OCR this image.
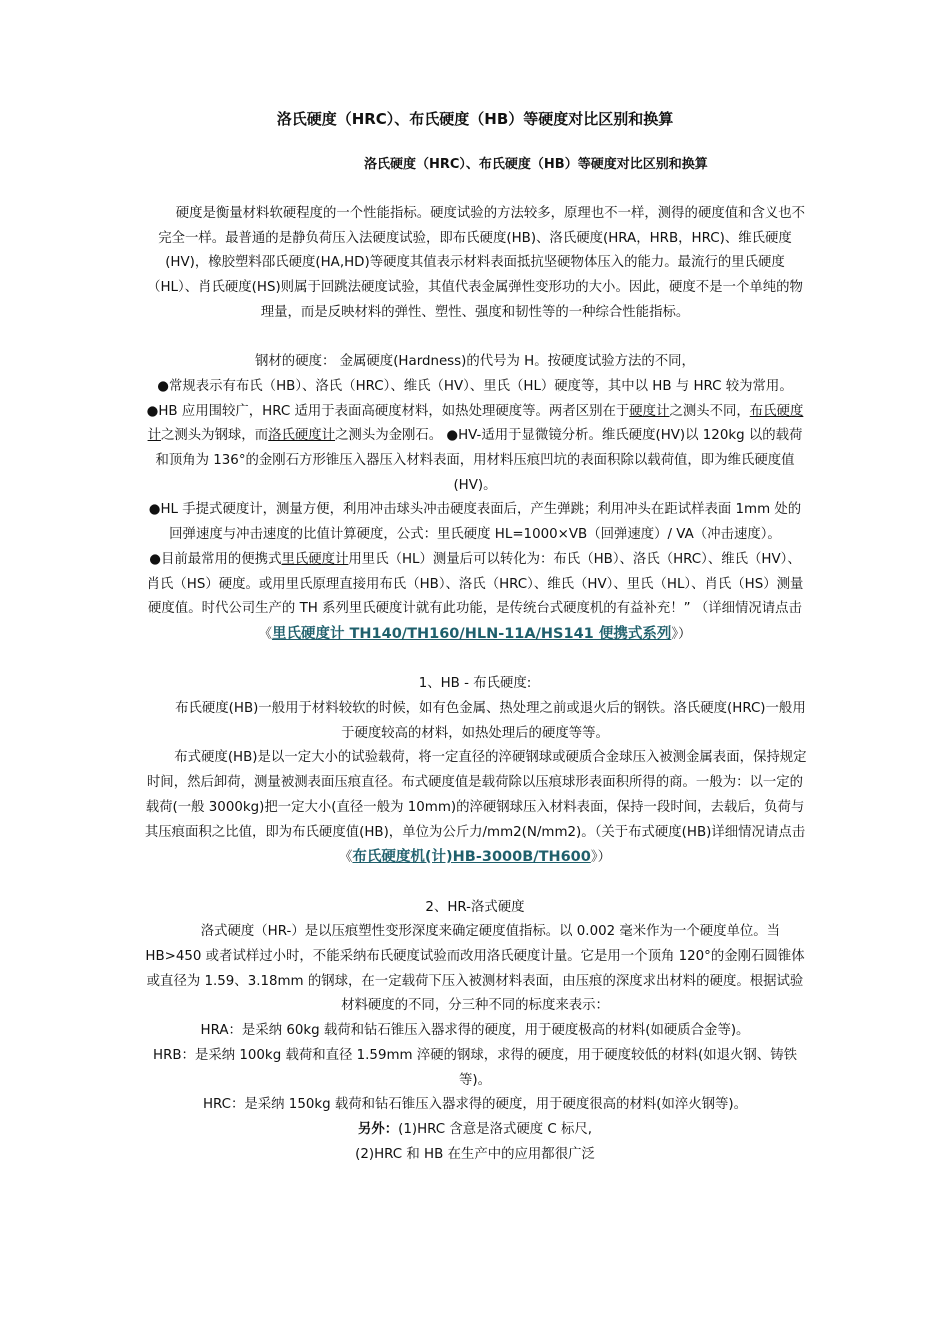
洛氏硬度（HRC）、布氏硬度（HB）等硬度对比区别和换算
洛氏硬度（HRC）、布氏硬度（HB）等硬度对比区别和换算

硬度是衡量材料软硬程度的一个性能指标。硬度试验的方法较多，原理也不一样，测得的硬度值和含义也不完全一样。最普通的是静负荷压入法硬度试验，即布氏硬度(HB)、洛氏硬度(HRA，HRB，HRC)、维氏硬度(HV)，橡胶塑料邵氏硬度(HA,HD)等硬度其值表示材料表面抵抗坚硬物体压入的能力。最流行的里氏硬度（HL）、肖氏硬度(HS)则属于回跳法硬度试验，其值代表金属弹性变形功的大小。因此，硬度不是一个单纯的物理量，而是反映材料的弹性、塑性、强度和韧性等的一种综合性能指标。

钢材的硬度： 金属硬度(Hardness)的代号为 H。按硬度试验方法的不同，

●常规表示有布氏（HB）、洛氏（HRC）、维氏（HV）、里氏（HL）硬度等，其中以 HB 与 HRC 较为常用。

●HB 应用围较广，HRC 适用于表面高硬度材料，如热处理硬度等。两者区别在于硬度计之测头不同，布氏硬度计之测头为钢球，而洛氏硬度计之测头为金刚石。 ●HV-适用于显微镜分析。维氏硬度(HV)以 120kg 以的载荷和顶角为 136°的金刚石方形锥压入器压入材料表面，用材料压痕凹坑的表面积除以载荷值，即为维氏硬度值(HV)。

●HL 手提式硬度计，测量方便，利用冲击球头冲击硬度表面后，产生弹跳；利用冲头在距试样表面 1mm 处的回弹速度与冲击速度的比值计算硬度，公式：里氏硬度 HL=1000×VB（回弹速度）/ VA（冲击速度）。

●目前最常用的便携式里氏硬度计用里氏（HL）测量后可以转化为：布氏（HB）、洛氏（HRC）、维氏（HV）、肖氏（HS）硬度。或用里氏原理直接用布氏（HB）、洛氏（HRC）、维氏（HV）、里氏（HL）、肖氏（HS）测量硬度值。时代公司生产的 TH 系列里氏硬度计就有此功能，是传统台式硬度机的有益补充！” （详细情况请点击《里氏硬度计 TH140/TH160/HLN-11A/HS141 便携式系列》）

1、HB - 布氏硬度:

布氏硬度(HB)一般用于材料较软的时候，如有色金属、热处理之前或退火后的钢铁。洛氏硬度(HRC)一般用于硬度较高的材料，如热处理后的硬度等等。

布式硬度(HB)是以一定大小的试验载荷，将一定直径的淬硬钢球或硬质合金球压入被测金属表面，保持规定时间，然后卸荷，测量被测表面压痕直径。布式硬度值是载荷除以压痕球形表面积所得的商。一般为：以一定的载荷(一般 3000kg)把一定大小(直径一般为 10mm)的淬硬钢球压入材料表面，保持一段时间，去载后，负荷与其压痕面积之比值，即为布氏硬度值(HB)，单位为公斤力/mm2(N/mm2)。（关于布式硬度(HB)详细情况请点击《布氏硬度机(计)HB-3000B/TH600》）

2、HR-洛式硬度

洛式硬度（HR-）是以压痕塑性变形深度来确定硬度值指标。以 0.002 毫米作为一个硬度单位。当 HB>450 或者试样过小时，不能采纳布氏硬度试验而改用洛氏硬度计量。它是用一个顶角 120°的金刚石圆锥体或直径为 1.59、3.18mm 的钢球，在一定载荷下压入被测材料表面，由压痕的深度求出材料的硬度。根据试验材料硬度的不同，分三种不同的标度来表示：

HRA：是采纳 60kg 载荷和钻石锥压入器求得的硬度，用于硬度极高的材料(如硬质合金等)。

HRB：是采纳 100kg 载荷和直径 1.59mm 淬硬的钢球，求得的硬度，用于硬度较低的材料(如退火钢、铸铁等)。

HRC：是采纳 150kg 载荷和钻石锥压入器求得的硬度，用于硬度很高的材料(如淬火钢等)。

另外：(1)HRC 含意是洛式硬度 C 标尺,

(2)HRC 和 HB 在生产中的应用都很广泛
